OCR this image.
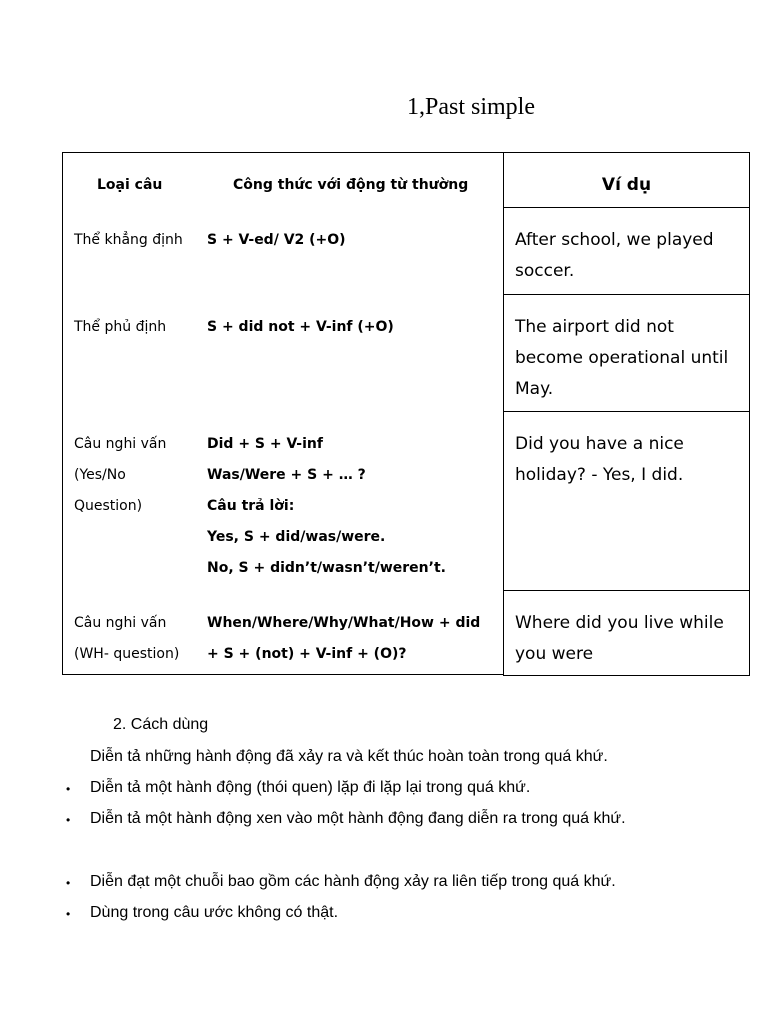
1,Past simple
Loại câu	Công thức với động từ thường
Thể khẳng định S + V-ed/ V2 (+O)
Thể phủ định	S + did not + V-inf (+O)
Câu nghi vấn
(Yes/No
Question)
Did + S + V-inf
Was/Were + S + … ?
Câu trả lời:
Yes, S + did/was/were.
No, S + didn’t/wasn’t/weren’t.
Câu nghi vấn
(WH- question)
When/Where/Why/What/How + did
+ S + (not) + V-inf + (O)?
Ví dụ
After school, we played soccer.
The airport did not become operational until May.
Did you have a nice holiday? - Yes, I did.
Where did you live while you were
2. Cách dùng
Diễn tả những hành động đã xảy ra và kết thúc hoàn toàn trong quá khứ.
• Diễn tả một hành động (thói quen) lặp đi lặp lại trong quá khứ.
• Diễn tả một hành động xen vào một hành động đang diễn ra trong quá khứ.
• Diễn đạt một chuỗi bao gồm các hành động xảy ra liên tiếp trong quá khứ.
• Dùng trong câu ước không có thật.
